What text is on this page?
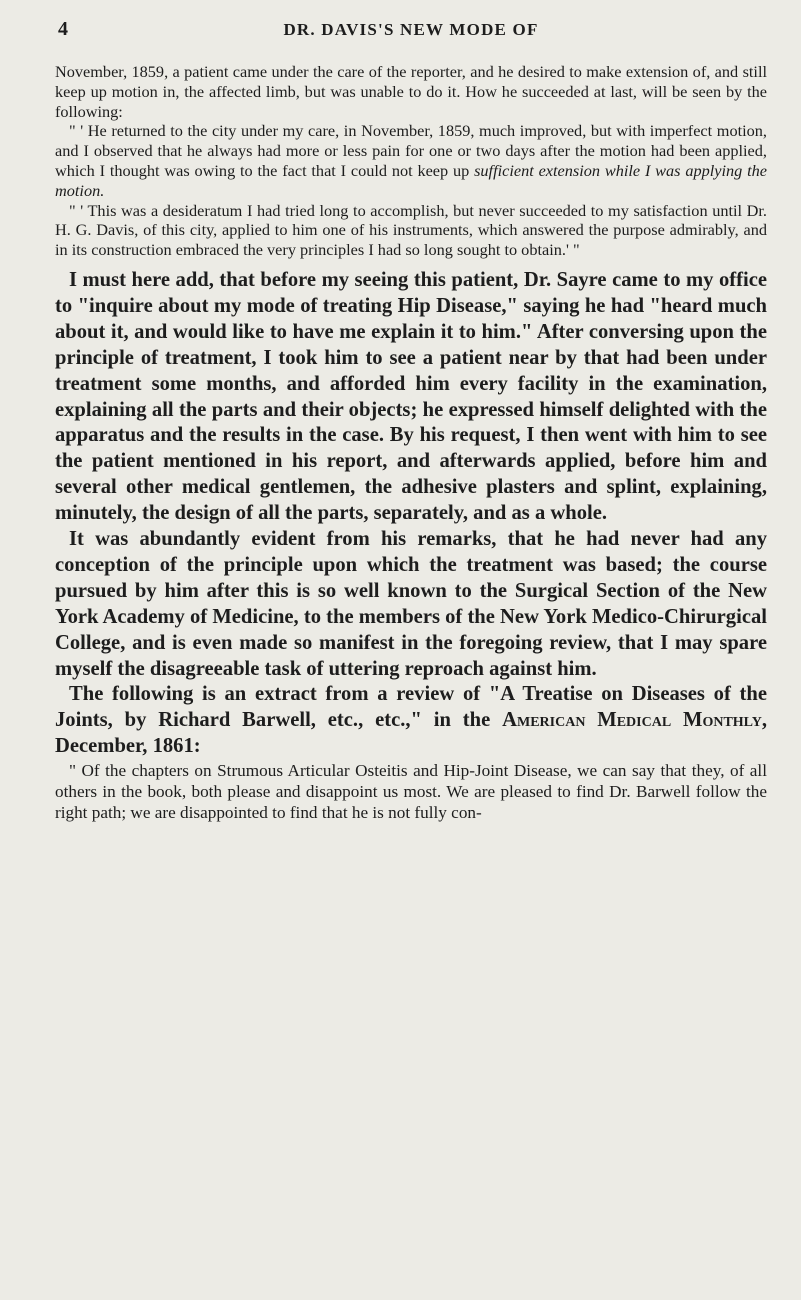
4	DR. DAVIS'S NEW MODE OF

November, 1859, a patient came under the care of the reporter, and he desired to make extension of, and still keep up motion in, the affected limb, but was unable to do it. How he succeeded at last, will be seen by the following:

" ' He returned to the city under my care, in November, 1859, much improved, but with imperfect motion, and I observed that he always had more or less pain for one or two days after the motion had been applied, which I thought was owing to the fact that I could not keep up sufficient extension while I was applying the motion.

" ' This was a desideratum I had tried long to accomplish, but never succeeded to my satisfaction until Dr. H. G. Davis, of this city, applied to him one of his instruments, which answered the purpose admirably, and in its construction embraced the very principles I had so long sought to obtain.' "

I must here add, that before my seeing this patient, Dr. Sayre came to my office to "inquire about my mode of treating Hip Disease," saying he had "heard much about it, and would like to have me explain it to him." After conversing upon the principle of treatment, I took him to see a patient near by that had been under treatment some months, and afforded him every facility in the examination, explaining all the parts and their objects; he expressed himself delighted with the apparatus and the results in the case. By his request, I then went with him to see the patient mentioned in his report, and afterwards applied, before him and several other medical gentlemen, the adhesive plasters and splint, explaining, minutely, the design of all the parts, separately, and as a whole.

It was abundantly evident from his remarks, that he had never had any conception of the principle upon which the treatment was based; the course pursued by him after this is so well known to the Surgical Section of the New York Academy of Medicine, to the members of the New York Medico-Chirurgical College, and is even made so manifest in the foregoing review, that I may spare myself the disagreeable task of uttering reproach against him.

The following is an extract from a review of "A Treatise on Diseases of the Joints, by Richard Barwell, etc., etc.," in the American Medical Monthly, December, 1861:

" Of the chapters on Strumous Articular Osteitis and Hip-Joint Disease, we can say that they, of all others in the book, both please and disappoint us most. We are pleased to find Dr. Barwell follow the right path; we are disappointed to find that he is not fully con-
